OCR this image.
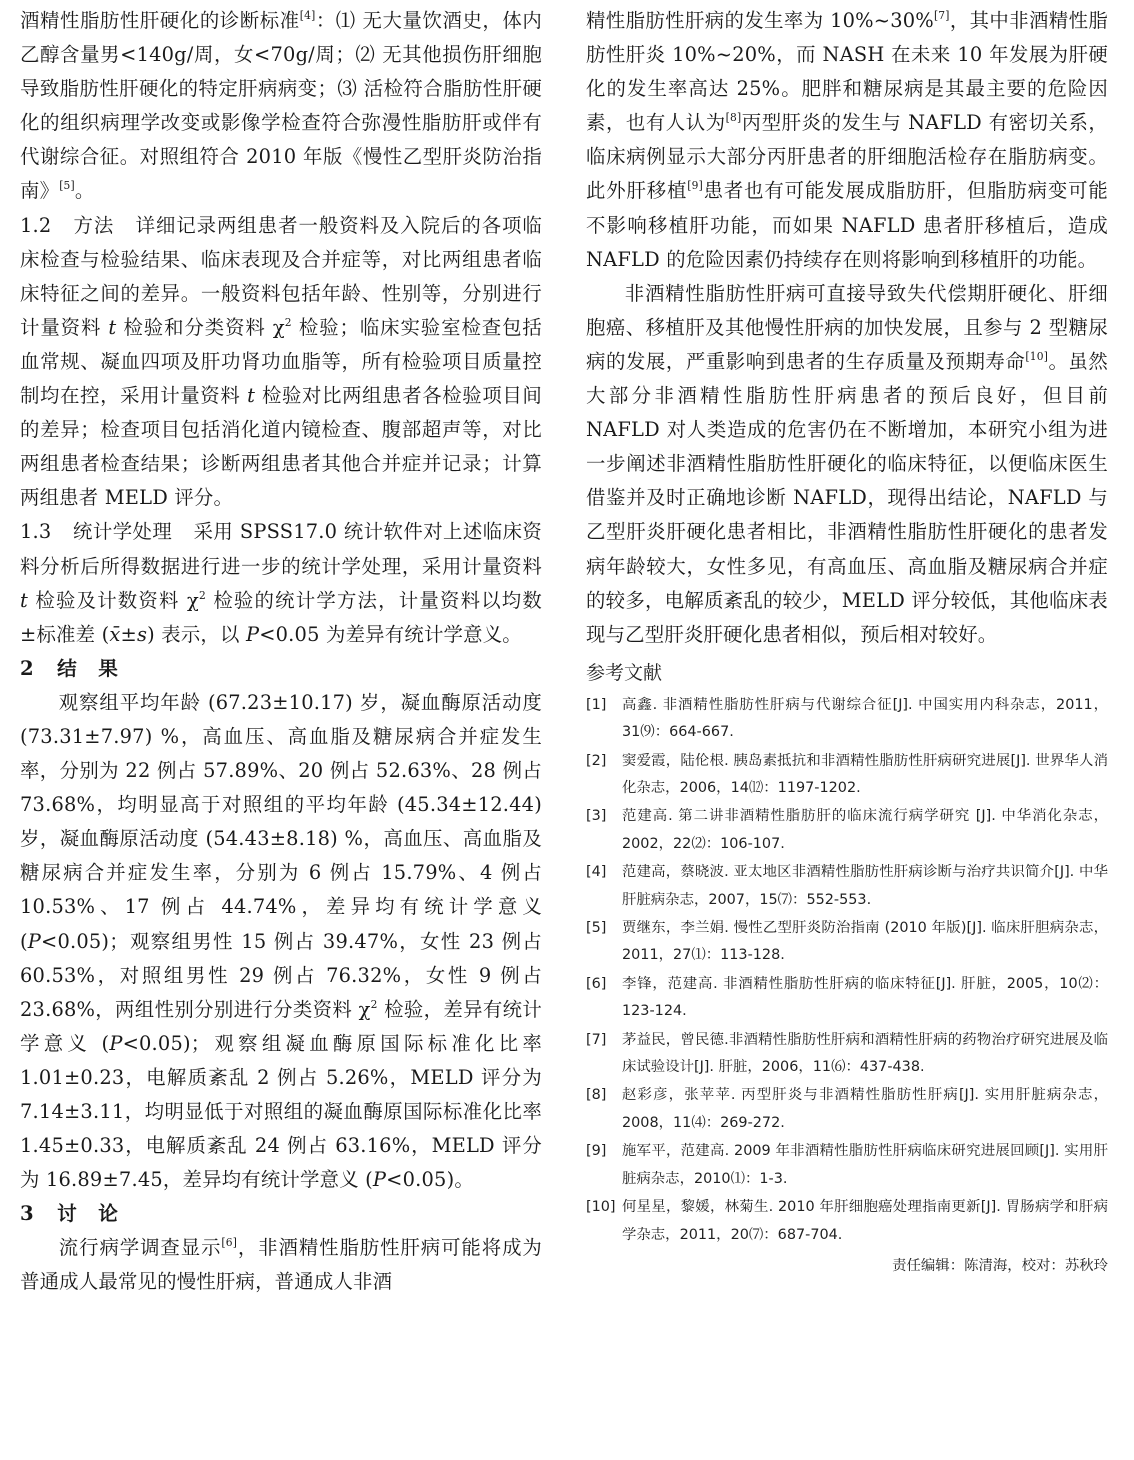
酒精性脂肪性肝硬化的诊断标准[4]：⑴ 无大量饮酒史，体内乙醇含量男<140g/周，女<70g/周；⑵ 无其他损伤肝细胞导致脂肪性肝硬化的特定肝病病变；⑶ 活检符合脂肪性肝硬化的组织病理学改变或影像学检查符合弥漫性脂肪肝或伴有代谢综合征。对照组符合 2010 年版《慢性乙型肝炎防治指南》[5]。

1.2 方法 详细记录两组患者一般资料及入院后的各项临床检查与检验结果、临床表现及合并症等，对比两组患者临床特征之间的差异。一般资料包括年龄、性别等，分别进行计量资料 t 检验和分类资料 $\chi^2$ 检验；临床实验室检查包括血常规、凝血四项及肝功肾功血脂等，所有检验项目质量控制均在控，采用计量资料 t 检验对比两组患者各检验项目间的差异；检查项目包括消化道内镜检查、腹部超声等，对比两组患者检查结果；诊断两组患者其他合并症并记录；计算两组患者 MELD 评分。

1.3 统计学处理 采用 SPSS17.0 统计软件对上述临床资料分析后所得数据进行进一步的统计学处理，采用计量资料 t 检验及计数资料 $\chi^2$ 检验的统计学方法，计量资料以均数±标准差 (x̄±s) 表示，以 P<0.05 为差异有统计学意义。

2 结果

观察组平均年龄 (67.23±10.17) 岁，凝血酶原活动度 (73.31±7.97) %，高血压、高血脂及糖尿病合并症发生率，分别为 22 例占 57.89%、20 例占 52.63%、28 例占 73.68%，均明显高于对照组的平均年龄 (45.34±12.44) 岁，凝血酶原活动度 (54.43±8.18) %，高血压、高血脂及糖尿病合并症发生率，分别为 6 例占 15.79%、4 例占 10.53%、17 例占 44.74%，差异均有统计学意义 (P<0.05)；观察组男性 15 例占 39.47%，女性 23 例占 60.53%，对照组男性 29 例占 76.32%，女性 9 例占 23.68%，两组性别分别进行分类资料 $\chi^2$ 检验，差异有统计学意义 (P<0.05)；观察组凝血酶原国际标准化比率 1.01±0.23，电解质紊乱 2 例占 5.26%，MELD 评分为 7.14±3.11，均明显低于对照组的凝血酶原国际标准化比率 1.45±0.33，电解质紊乱 24 例占 63.16%，MELD 评分为 16.89±7.45，差异均有统计学意义 (P<0.05)。

3 讨论

流行病学调查显示[6]，非酒精性脂肪性肝病可能将成为普通成人最常见的慢性肝病，普通成人非酒

精性脂肪性肝病的发生率为 10%~30%[7]，其中非酒精性脂肪性肝炎 10%~20%，而 NASH 在未来 10 年发展为肝硬化的发生率高达 25%。肥胖和糖尿病是其最主要的危险因素，也有人认为[8]丙型肝炎的发生与 NAFLD 有密切关系，临床病例显示大部分丙肝患者的肝细胞活检存在脂肪病变。此外肝移植[9]患者也有可能发展成脂肪肝，但脂肪病变可能不影响移植肝功能，而如果 NAFLD 患者肝移植后，造成 NAFLD 的危险因素仍持续存在则将影响到移植肝的功能。

非酒精性脂肪性肝病可直接导致失代偿期肝硬化、肝细胞癌、移植肝及其他慢性肝病的加快发展，且参与 2 型糖尿病的发展，严重影响到患者的生存质量及预期寿命[10]。虽然大部分非酒精性脂肪性肝病患者的预后良好，但目前 NAFLD 对人类造成的危害仍在不断增加，本研究小组为进一步阐述非酒精性脂肪性肝硬化的临床特征，以便临床医生借鉴并及时正确地诊断 NAFLD，现得出结论，NAFLD 与乙型肝炎肝硬化患者相比，非酒精性脂肪性肝硬化的患者发病年龄较大，女性多见，有高血压、高血脂及糖尿病合并症的较多，电解质紊乱的较少，MELD 评分较低，其他临床表现与乙型肝炎肝硬化患者相似，预后相对较好。

参考文献
[1]	高鑫. 非酒精性脂肪性肝病与代谢综合征[J]. 中国实用内科杂志，2011，31⑼：664-667.
[2]	窦爱霞，陆伦根. 胰岛素抵抗和非酒精性脂肪性肝病研究进展[J]. 世界华人消化杂志，2006，14⑿：1197-1202.
[3]	范建高. 第二讲非酒精性脂肪肝的临床流行病学研究 [J]. 中华消化杂志，2002，22⑵：106-107.
[4]	范建高，蔡晓波. 亚太地区非酒精性脂肪性肝病诊断与治疗共识简介[J]. 中华肝脏病杂志，2007，15⑺：552-553.
[5]	贾继东，李兰娟. 慢性乙型肝炎防治指南 (2010 年版)[J]. 临床肝胆病杂志，2011，27⑴：113-128.
[6]	李锋，范建高. 非酒精性脂肪性肝病的临床特征[J]. 肝脏，2005，10⑵：123-124.
[7]	茅益民，曾民德.非酒精性脂肪性肝病和酒精性肝病的药物治疗研究进展及临床试验设计[J]. 肝脏，2006，11⑹：437-438.
[8]	赵彩彦，张苹苹. 丙型肝炎与非酒精性脂肪性肝病[J]. 实用肝脏病杂志，2008，11⑷：269-272.
[9]	施军平，范建高. 2009 年非酒精性脂肪性肝病临床研究进展回顾[J]. 实用肝脏病杂志，2010⑴：1-3.
[10] 何星星，黎媛，林菊生. 2010 年肝细胞癌处理指南更新[J]. 胃肠病学和肝病学杂志，2011，20⑺：687-704.
责任编辑：陈清海，校对：苏秋玲
